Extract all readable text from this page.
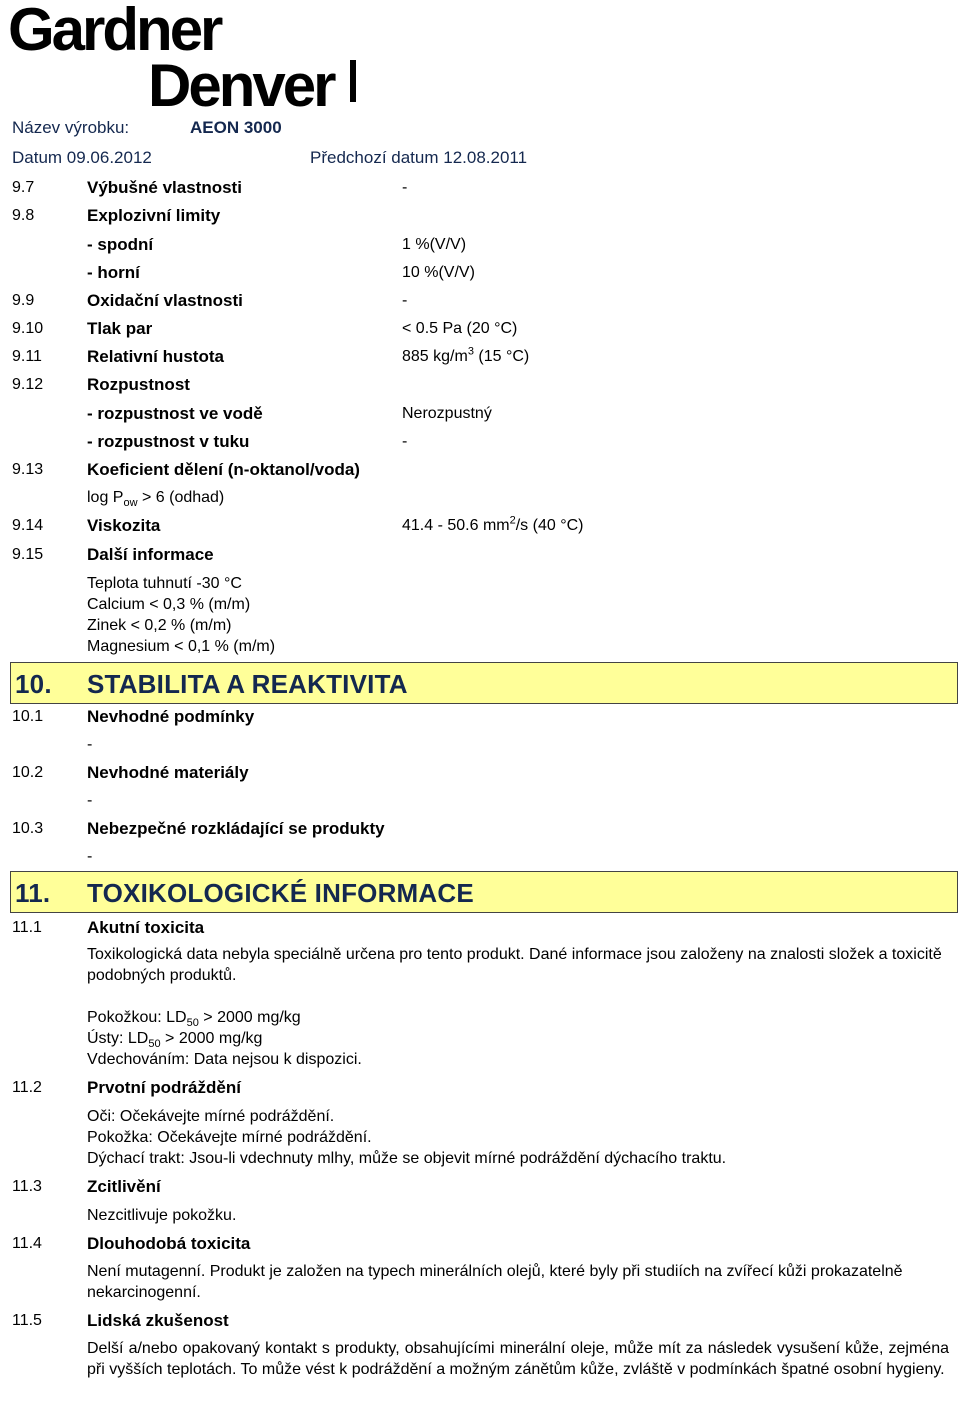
Gardner
Denver
Název výrobku:	AEON 3000
Datum 09.06.2012	Předchozí datum 12.08.2011
9.7	Výbušné vlastnosti	-
9.8	Explozivní limity
- spodní	1 %(V/V)
- horní	10 %(V/V)
9.9	Oxidační vlastnosti	-
9.10	Tlak par	< 0.5 Pa (20 °C)
9.11	Relativní hustota	885 $kg/m^3$ (15 °C)
9.12	Rozpustnost
- rozpustnost ve vodě	Nerozpustný
- rozpustnost v tuku	-
9.13	Koeficient dělení (n-oktanol/voda)
$\log P_{ow} > 6$ (odhad)
9.14	Viskozita	41.4 - 50.6 $mm^2/s$ (40 °C)
9.15	Další informace
Teplota tuhnutí -30 °C
Calcium < 0,3 % (m/m)
Zinek < 0,2 % (m/m)
Magnesium < 0,1 % (m/m)
10. STABILITA A REAKTIVITA
10.1	Nevhodné podmínky
-
10.2	Nevhodné materiály
-
10.3	Nebezpečné rozkládající se produkty
-
11. TOXIKOLOGICKÉ INFORMACE
11.1	Akutní toxicita
Toxikologická data nebyla speciálně určena pro tento produkt. Dané informace jsou založeny na znalosti složek a toxicitě podobných produktů.
Pokožkou: $LD_{50} > 2000$ mg/kg
Ústy: $LD_{50} > 2000$ mg/kg
Vdechováním: Data nejsou k dispozici.
11.2	Prvotní podráždění
Oči: Očekávejte mírné podráždění.
Pokožka: Očekávejte mírné podráždění.
Dýchací trakt: Jsou-li vdechnuty mlhy, může se objevit mírné podráždění dýchacího traktu.
11.3	Zcitlivění
Nezcitlivuje pokožku.
11.4	Dlouhodobá toxicita
Není mutagenní. Produkt je založen na typech minerálních olejů, které byly při studiích na zvířecí kůži prokazatelně nekarcinogenní.
11.5	Lidská zkušenost
Delší a/nebo opakovaný kontakt s produkty, obsahujícími minerální oleje, může mít za následek vysušení kůže, zejména při vyšších teplotách. To může vést k podráždění a možným zánětům kůže, zvláště v podmínkách špatné osobní hygieny.
